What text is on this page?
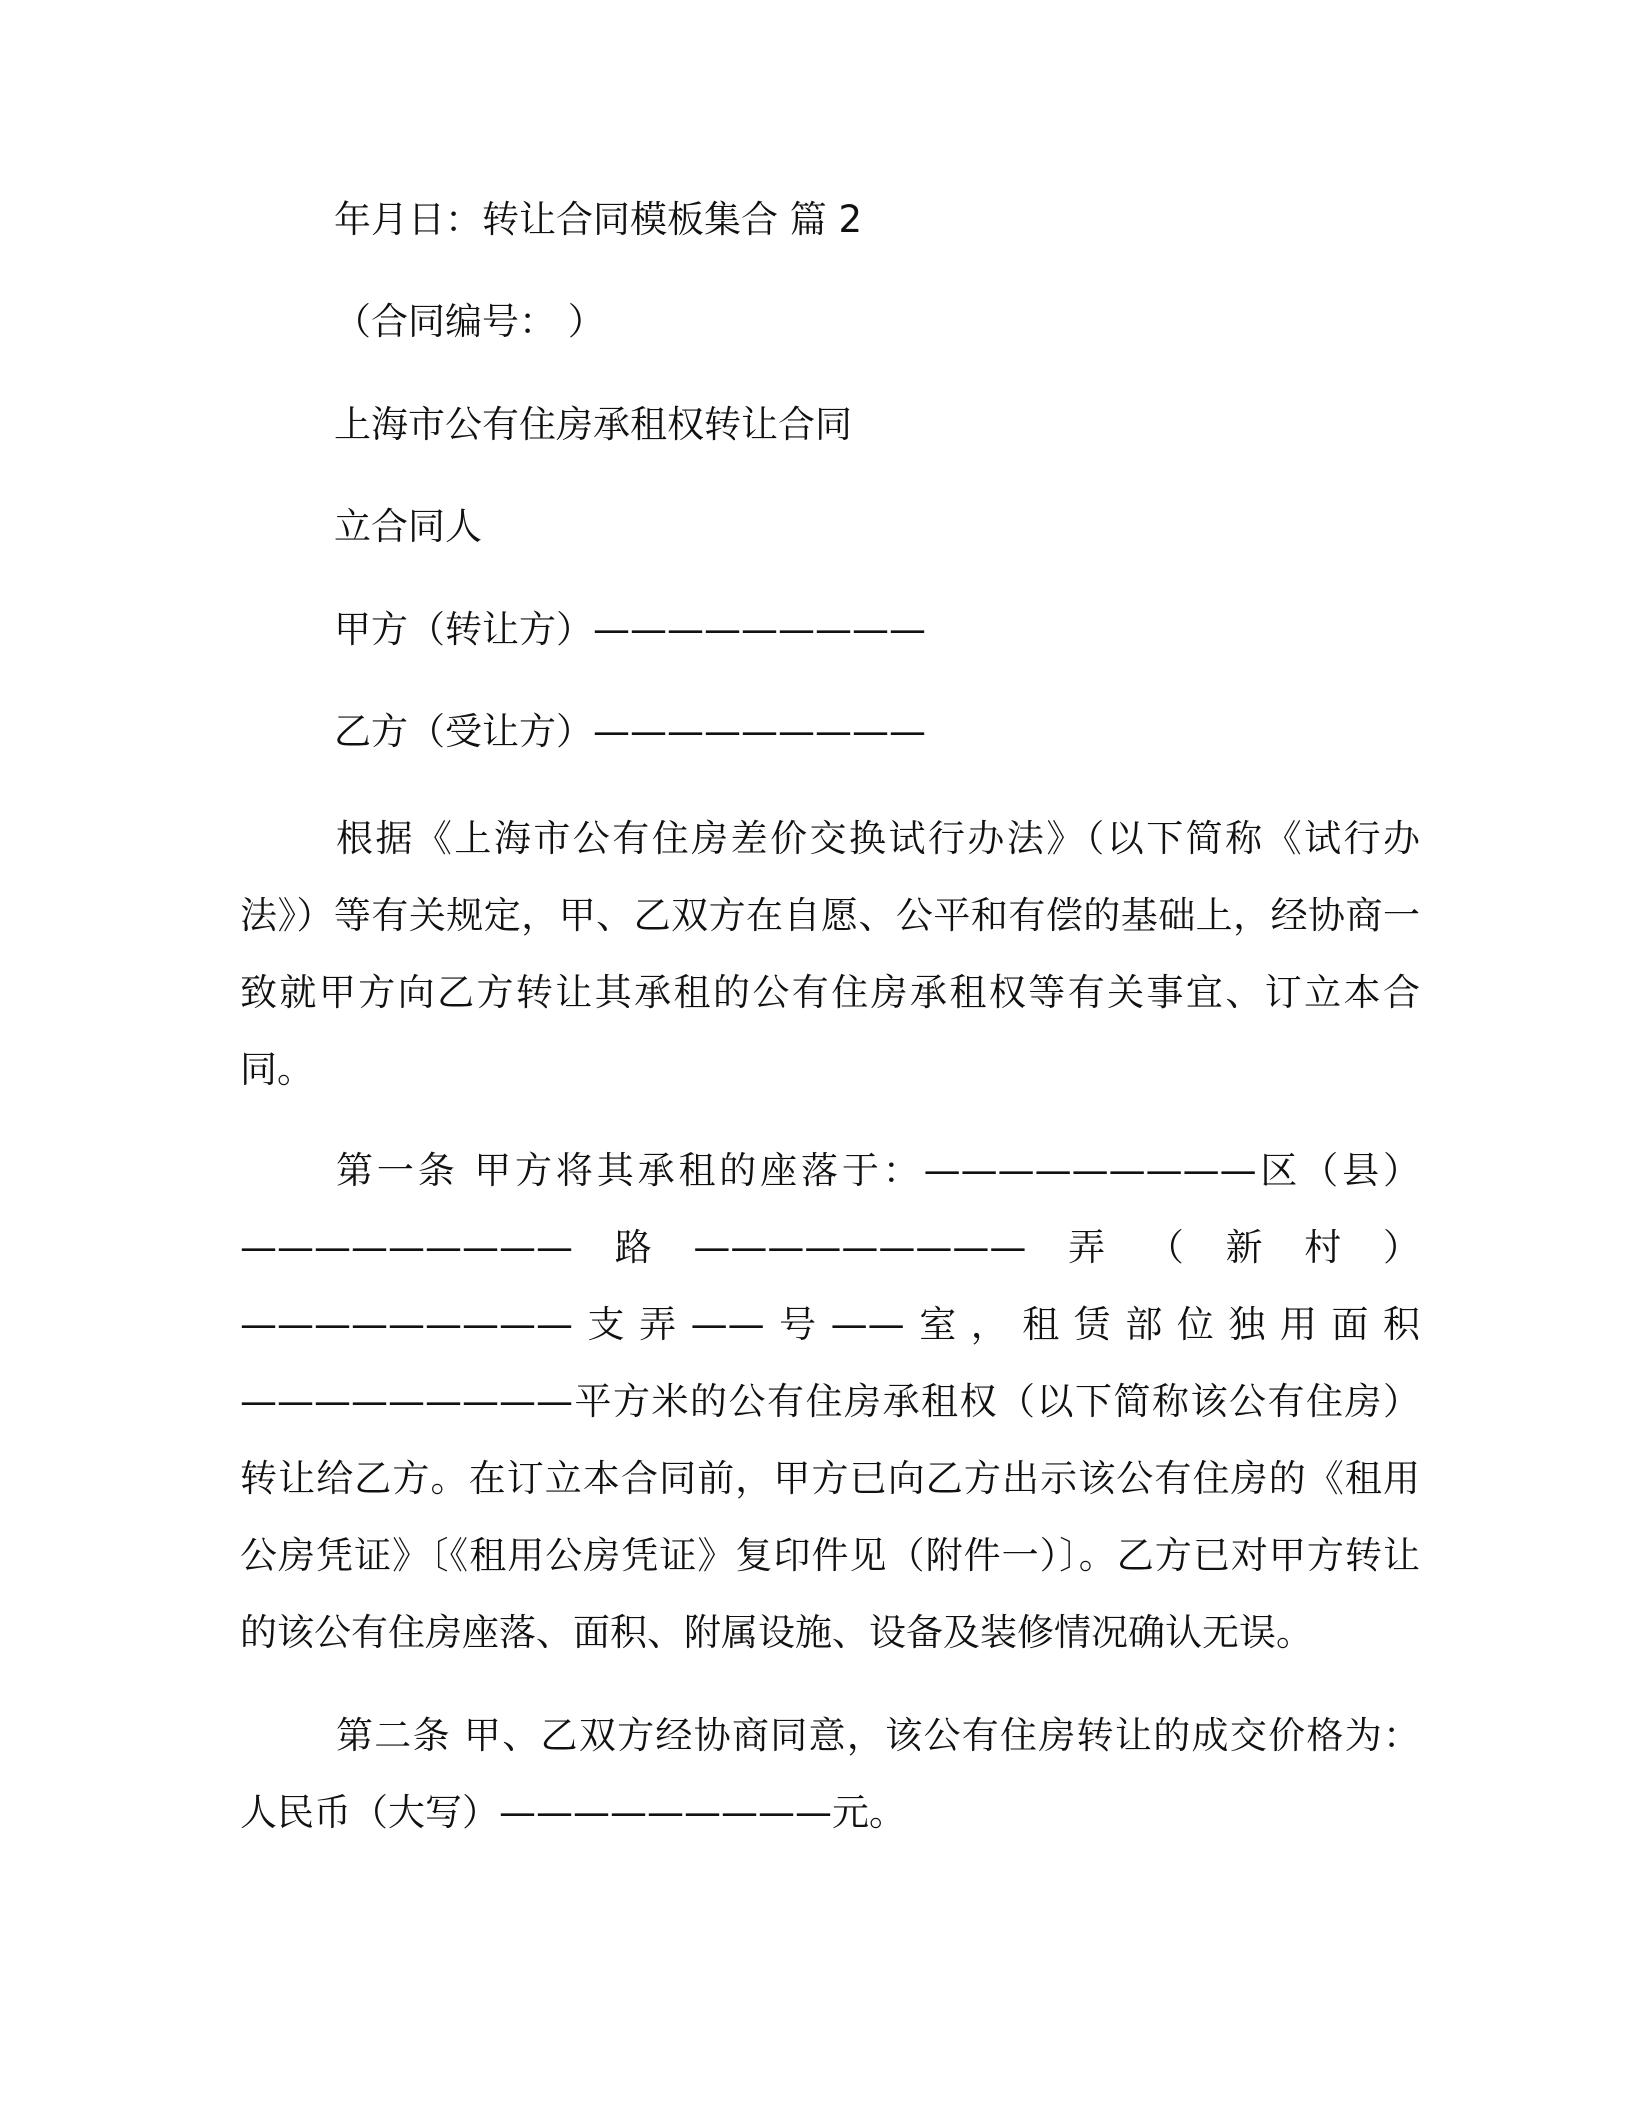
年月日：转让合同模板集合 篇 2
（合同编号： ）
上海市公有住房承租权转让合同
立合同人
甲方（转让方）—————————
乙方（受让方）—————————

根据《上海市公有住房差价交换试行办法》（以下简称《试行办法》）等有关规定，甲、乙双方在自愿、公平和有偿的基础上，经协商一致就甲方向乙方转让其承租的公有住房承租权等有关事宜、订立本合同。

第一条 甲方将其承租的座落于：—————————区（县）—————————路—————————弄（新村）—————————支弄——号——室，租赁部位独用面积—————————平方米的公有住房承租权（以下简称该公有住房）转让给乙方。在订立本合同前，甲方已向乙方出示该公有住房的《租用公房凭证》〔《租用公房凭证》复印件见（附件一）〕。乙方已对甲方转让的该公有住房座落、面积、附属设施、设备及装修情况确认无误。

第二条 甲、乙双方经协商同意，该公有住房转让的成交价格为：人民币（大写）—————————元。
